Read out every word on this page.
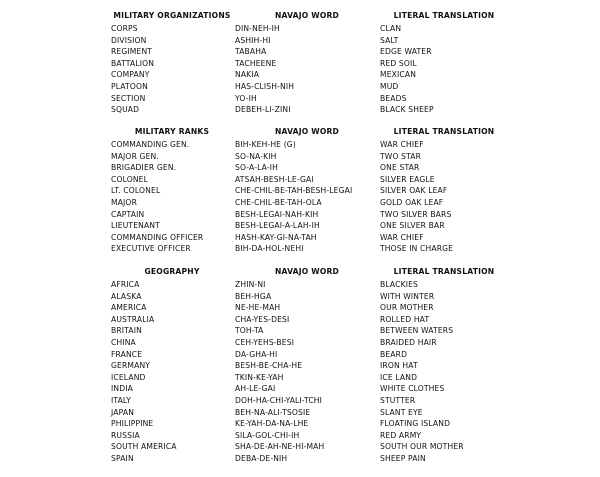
MILITARY ORGANIZATIONS	NAVAJO WORD	LITERAL TRANSLATION
CORPS	DIN-NEH-IH	CLAN
DIVISION	ASHIH-HI	SALT
REGIMENT	TABAHA	EDGE WATER
BATTALION	TACHEENE	RED SOIL
COMPANY	NAKIA	MEXICAN
PLATOON	HAS-CLISH-NIH	MUD
SECTION	YO-IH	BEADS
SQUAD	DEBEH-LI-ZINI	BLACK SHEEP
MILITARY RANKS	NAVAJO WORD	LITERAL TRANSLATION
COMMANDING GEN.	BIH-KEH-HE (G)	WAR CHIEF
MAJOR GEN.	SO-NA-KIH	TWO STAR
BRIGADIER GEN.	SO-A-LA-IH	ONE STAR
COLONEL	ATSAH-BESH-LE-GAI	SILVER EAGLE
LT. COLONEL	CHE-CHIL-BE-TAH-BESH-LEGAI	SILVER OAK LEAF
MAJOR	CHE-CHIL-BE-TAH-OLA	GOLD OAK LEAF
CAPTAIN	BESH-LEGAI-NAH-KIH	TWO SILVER BARS
LIEUTENANT	BESH-LEGAI-A-LAH-IH	ONE SILVER BAR
COMMANDING OFFICER	HASH-KAY-GI-NA-TAH	WAR CHIEF
EXECUTIVE OFFICER	BIH-DA-HOL-NEHI	THOSE IN CHARGE
GEOGRAPHY	NAVAJO WORD	LITERAL TRANSLATION
AFRICA	ZHIN-NI	BLACKIES
ALASKA	BEH-HGA	WITH WINTER
AMERICA	NE-HE-MAH	OUR MOTHER
AUSTRALIA	CHA-YES-DESI	ROLLED HAT
BRITAIN	TOH-TA	BETWEEN WATERS
CHINA	CEH-YEHS-BESI	BRAIDED HAIR
FRANCE	DA-GHA-HI	BEARD
GERMANY	BESH-BE-CHA-HE	IRON HAT
ICELAND	TKIN-KE-YAH	ICE LAND
INDIA	AH-LE-GAI	WHITE CLOTHES
ITALY	DOH-HA-CHI-YALI-TCHI	STUTTER
JAPAN	BEH-NA-ALI-TSOSIE	SLANT EYE
PHILIPPINE	KE-YAH-DA-NA-LHE	FLOATING ISLAND
RUSSIA	SILA-GOL-CHI-IH	RED ARMY
SOUTH AMERICA	SHA-DE-AH-NE-HI-MAH	SOUTH OUR MOTHER
SPAIN	DEBA-DE-NIH	SHEEP PAIN
